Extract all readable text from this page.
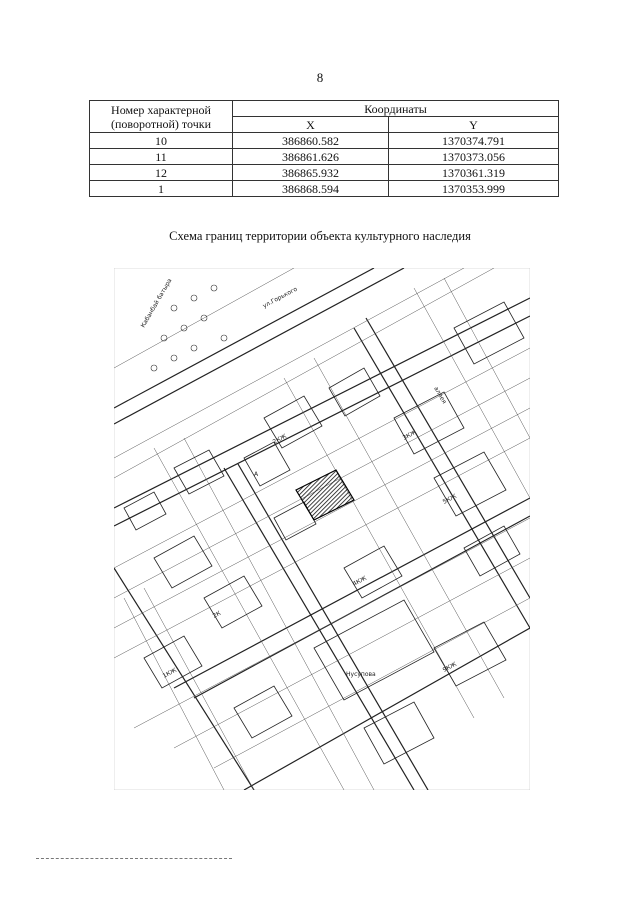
8
Номер характерной (поворотной) точки	Координаты	
	X	Y
10	386860.582	1370374.791
11	386861.626	1370373.056
12	386865.932	1370361.319
1	386868.594	1370353.999
Схема границ территории объекта культурного наследия
Нусупова
ул.Горького
Кабанбай батыра
аллея
2КЖ	3КЖ
4КЖ
5КЖ
2К
А
9КЖ
1КЖ
